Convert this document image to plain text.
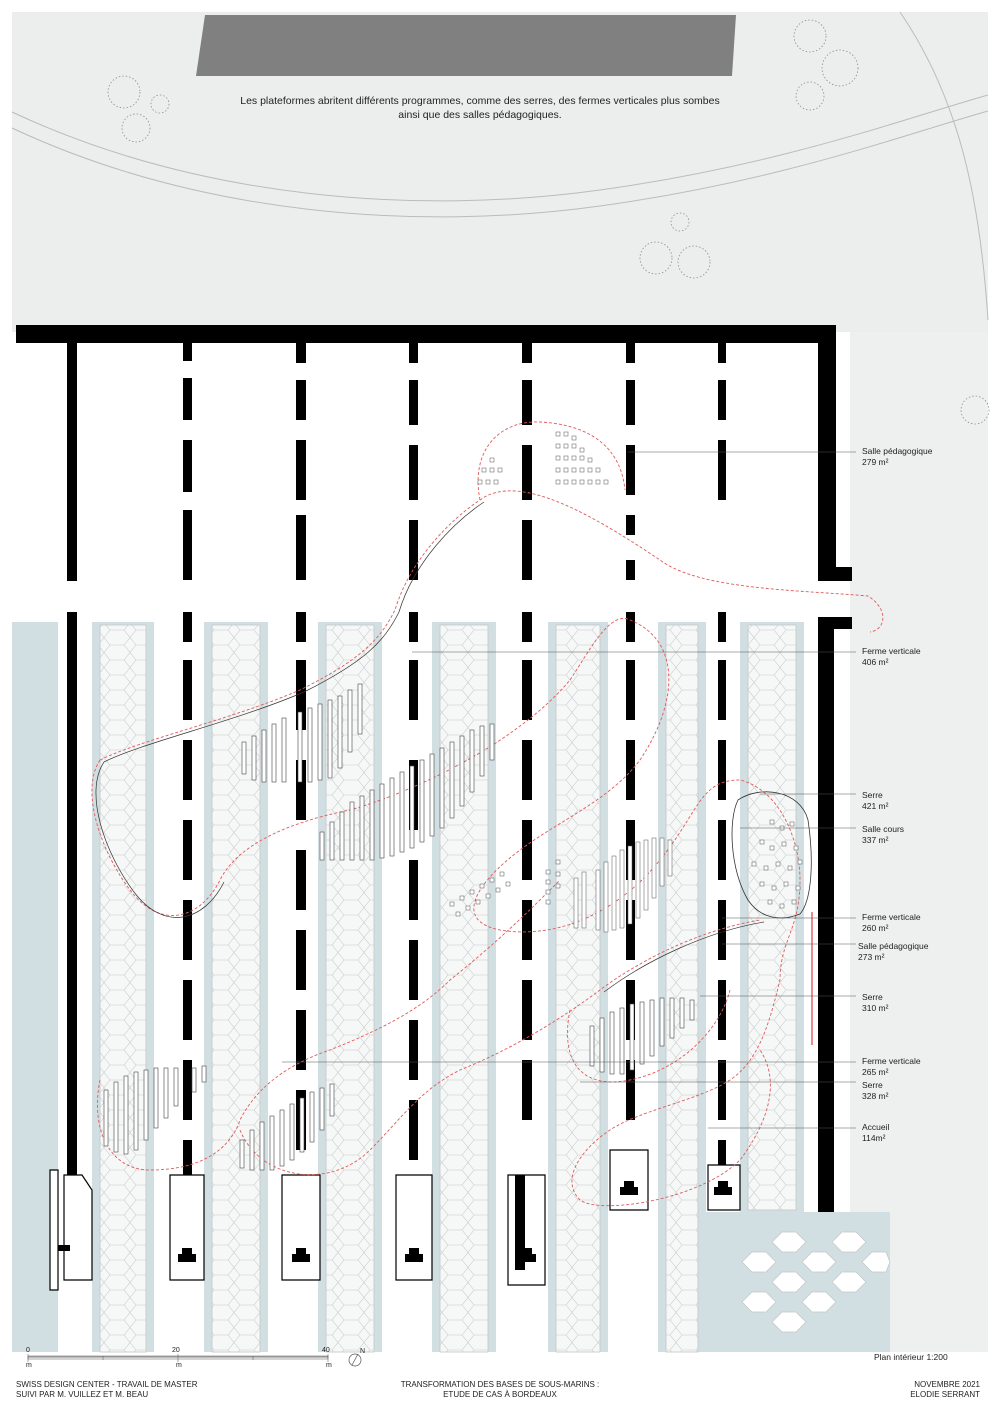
Les plateformes abritent différents programmes, comme des serres, des fermes verticales plus sombes ainsi que des salles pédagogiques.
Salle pédagogique
279 m²
Ferme verticale
406 m²
Serre
421 m²
Salle cours
337 m²
Ferme verticale
260 m²
Salle pédagogique
273 m²
Serre
310 m²
Ferme verticale
265 m²
Serre
328 m²
Accueil
114m²
0	20	40
m	m	m
N
Plan intérieur 1:200
SWISS DESIGN CENTER - TRAVAIL DE MASTER
SUIVI PAR M. VUILLEZ ET M. BEAU
TRANSFORMATION DES BASES DE SOUS-MARINS :
ETUDE DE CAS À BORDEAUX
NOVEMBRE 2021
ELODIE SERRANT
